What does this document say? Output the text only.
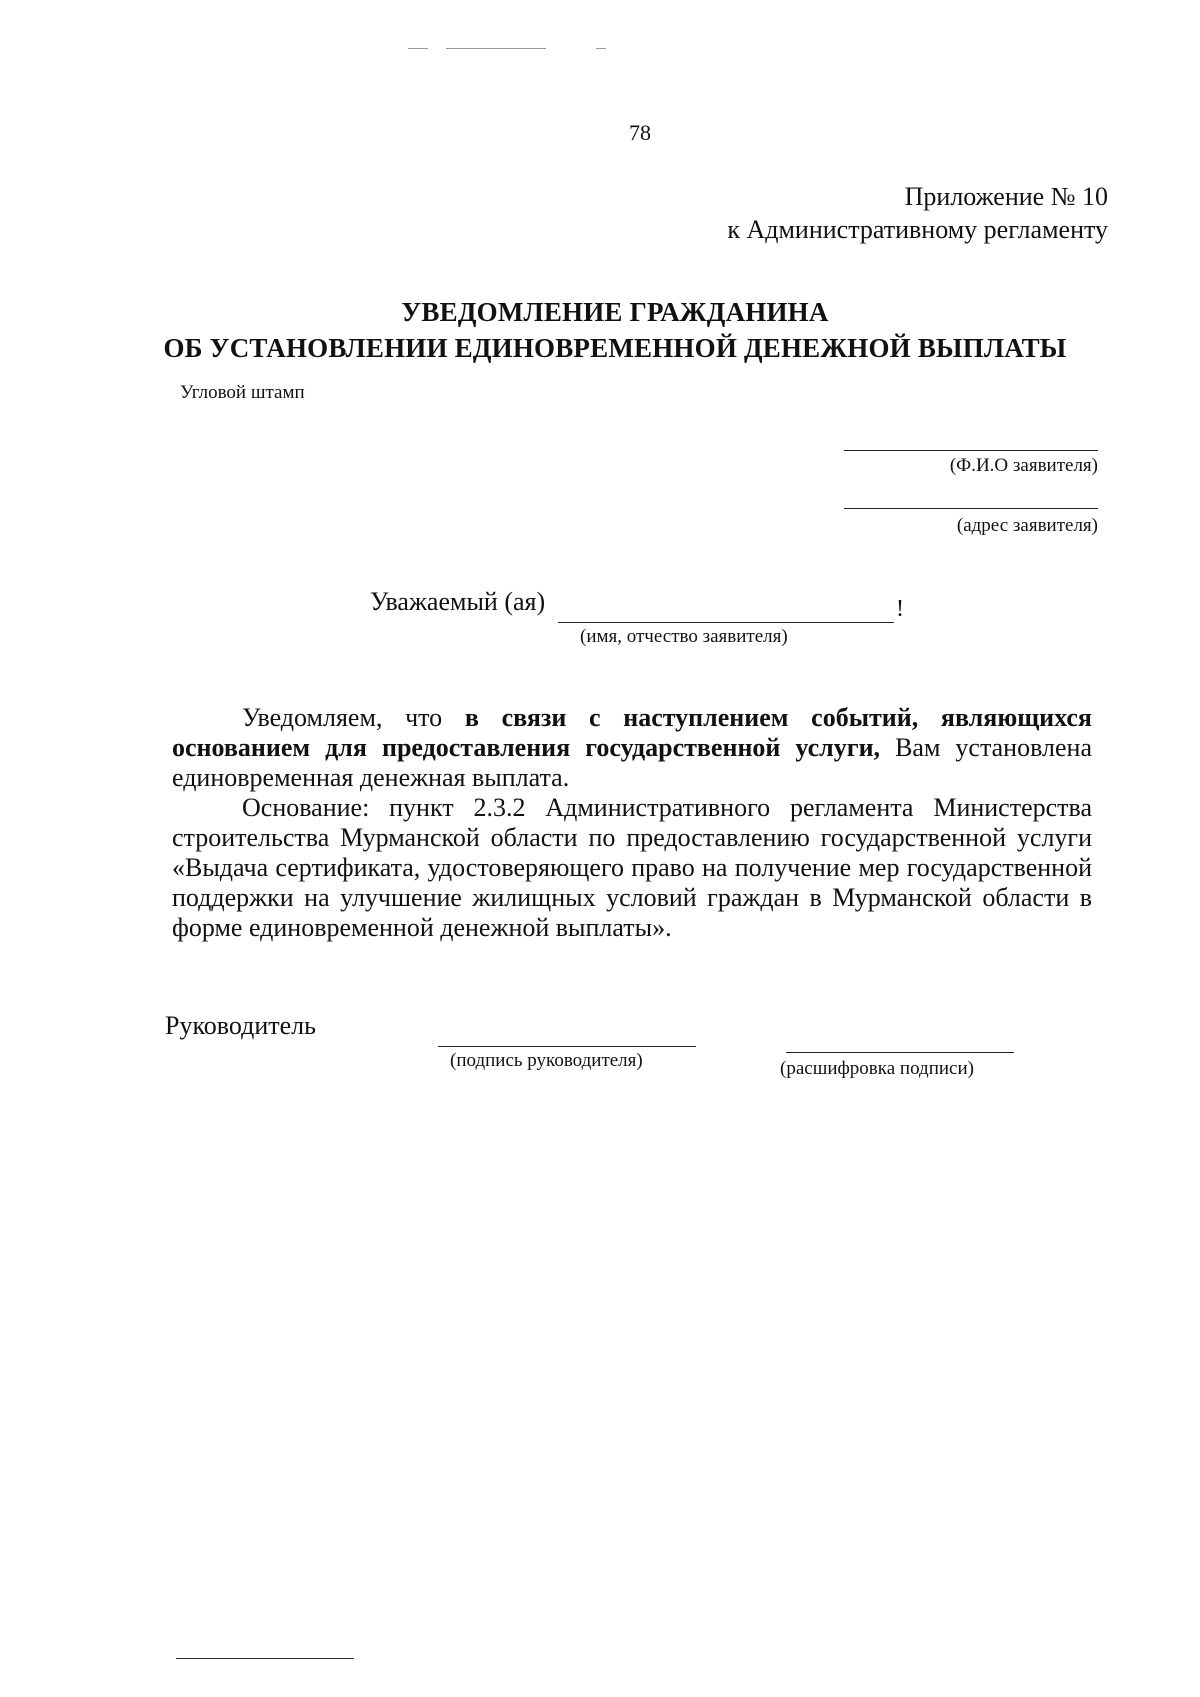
78
Приложение № 10
к Административному регламенту
УВЕДОМЛЕНИЕ ГРАЖДАНИНА
ОБ УСТАНОВЛЕНИИ ЕДИНОВРЕМЕННОЙ ДЕНЕЖНОЙ ВЫПЛАТЫ
Угловой штамп
(Ф.И.О заявителя)
(адрес заявителя)
Уважаемый (ая)	!
(имя, отчество заявителя)

Уведомляем, что в связи с наступлением событий, являющихся основанием для предоставления государственной услуги, Вам установлена единовременная денежная выплата.

Основание: пункт 2.3.2 Административного регламента Министерства строительства Мурманской области по предоставлению государственной услуги «Выдача сертификата, удостоверяющего право на получение мер государственной поддержки на улучшение жилищных условий граждан в Мурманской области в форме единовременной денежной выплаты».

Руководитель
(подпись руководителя)	(расшифровка подписи)
